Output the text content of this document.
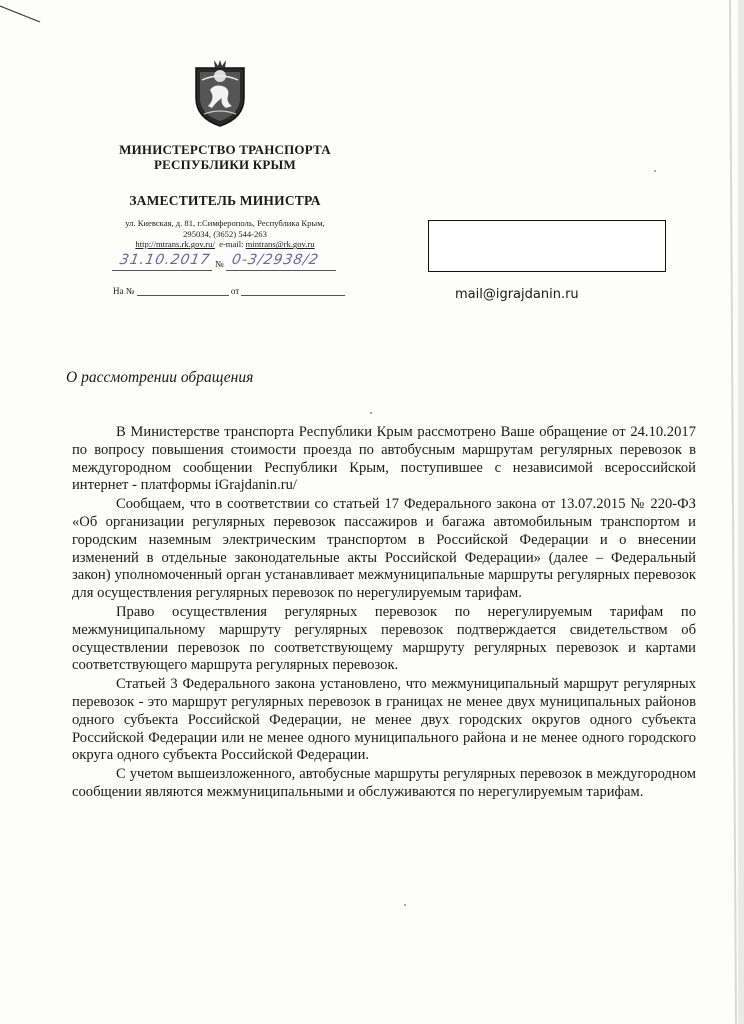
МИНИСТЕРСТВО ТРАНСПОРТА
РЕСПУБЛИКИ КРЫМ
ЗАМЕСТИТЕЛЬ МИНИСТРА
ул. Киевская, д. 81, г.Симферополь, Республика Крым,
295034, (3652) 544-263
http://mtrans.rk.gov.ru/ e-mail: mintrans@rk.gov.ru
31.10.2017 № 0-3/2938/2
На №	от	mail@igrajdanin.ru
О рассмотрении обращения

В Министерстве транспорта Республики Крым рассмотрено Ваше обращение от 24.10.2017 по вопросу повышения стоимости проезда по автобусным маршрутам регулярных перевозок в междугородном сообщении Республики Крым, поступившее с независимой всероссийской интернет - платформы iGrajdanin.ru/

Сообщаем, что в соответствии со статьей 17 Федерального закона от 13.07.2015 № 220-ФЗ «Об организации регулярных перевозок пассажиров и багажа автомобильным транспортом и городским наземным электрическим транспортом в Российской Федерации и о внесении изменений в отдельные законодательные акты Российской Федерации» (далее – Федеральный закон) уполномоченный орган устанавливает межмуниципальные маршруты регулярных перевозок для осуществления регулярных перевозок по нерегулируемым тарифам.

Право осуществления регулярных перевозок по нерегулируемым тарифам по межмуниципальному маршруту регулярных перевозок подтверждается свидетельством об осуществлении перевозок по соответствующему маршруту регулярных перевозок и картами соответствующего маршрута регулярных перевозок.

Статьей 3 Федерального закона установлено, что межмуниципальный маршрут регулярных перевозок - это маршрут регулярных перевозок в границах не менее двух муниципальных районов одного субъекта Российской Федерации, не менее двух городских округов одного субъекта Российской Федерации или не менее одного муниципального района и не менее одного городского округа одного субъекта Российской Федерации.

С учетом вышеизложенного, автобусные маршруты регулярных перевозок в междугородном сообщении являются межмуниципальными и обслуживаются по нерегулируемым тарифам.
